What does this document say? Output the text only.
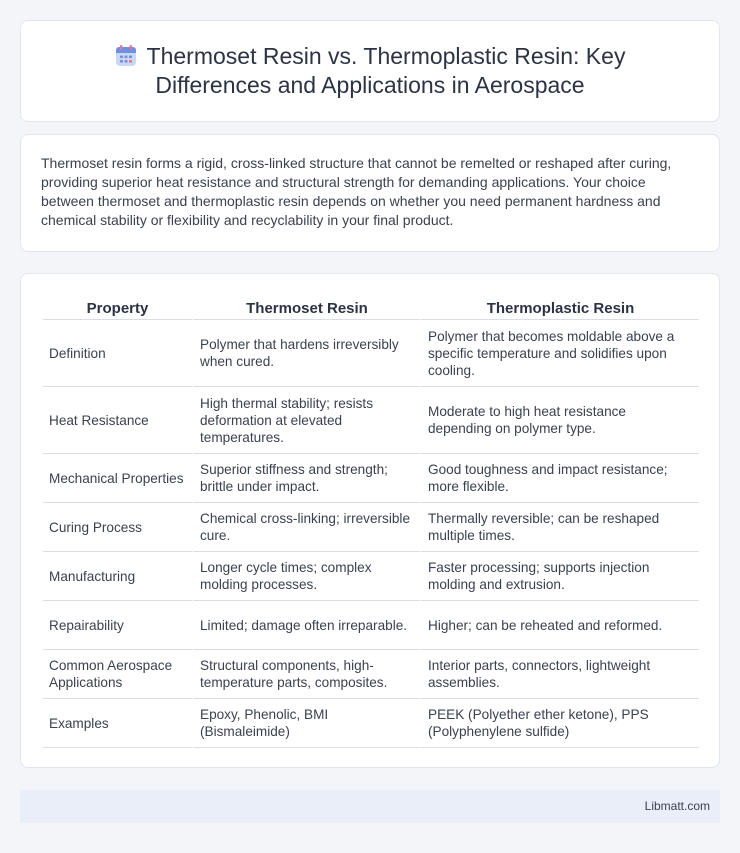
Thermoset Resin vs. Thermoplastic Resin: Key
Differences and Applications in Aerospace

Thermoset resin forms a rigid, cross-linked structure that cannot be remelted or reshaped after curing, providing superior heat resistance and structural strength for demanding applications. Your choice between thermoset and thermoplastic resin depends on whether you need permanent hardness and chemical stability or flexibility and recyclability in your final product.

Property	Thermoset Resin	Thermoplastic Resin
Definition	Polymer that hardens irreversibly when cured.	Polymer that becomes moldable above a specific temperature and solidifies upon cooling.
Heat Resistance	High thermal stability; resists deformation at elevated temperatures.	Moderate to high heat resistance depending on polymer type.
Mechanical Properties	Superior stiffness and strength; brittle under impact.	Good toughness and impact resistance; more flexible.
Curing Process	Chemical cross-linking; irreversible cure.	Thermally reversible; can be reshaped multiple times.
Manufacturing	Longer cycle times; complex molding processes.	Faster processing; supports injection molding and extrusion.
Repairability	Limited; damage often irreparable.	Higher; can be reheated and reformed.
Common Aerospace Applications	Structural components, high-temperature parts, composites.	Interior parts, connectors, lightweight assemblies.
Examples	Epoxy, Phenolic, BMI (Bismaleimide)	PEEK (Polyether ether ketone), PPS (Polyphenylene sulfide)
Libmatt.com
